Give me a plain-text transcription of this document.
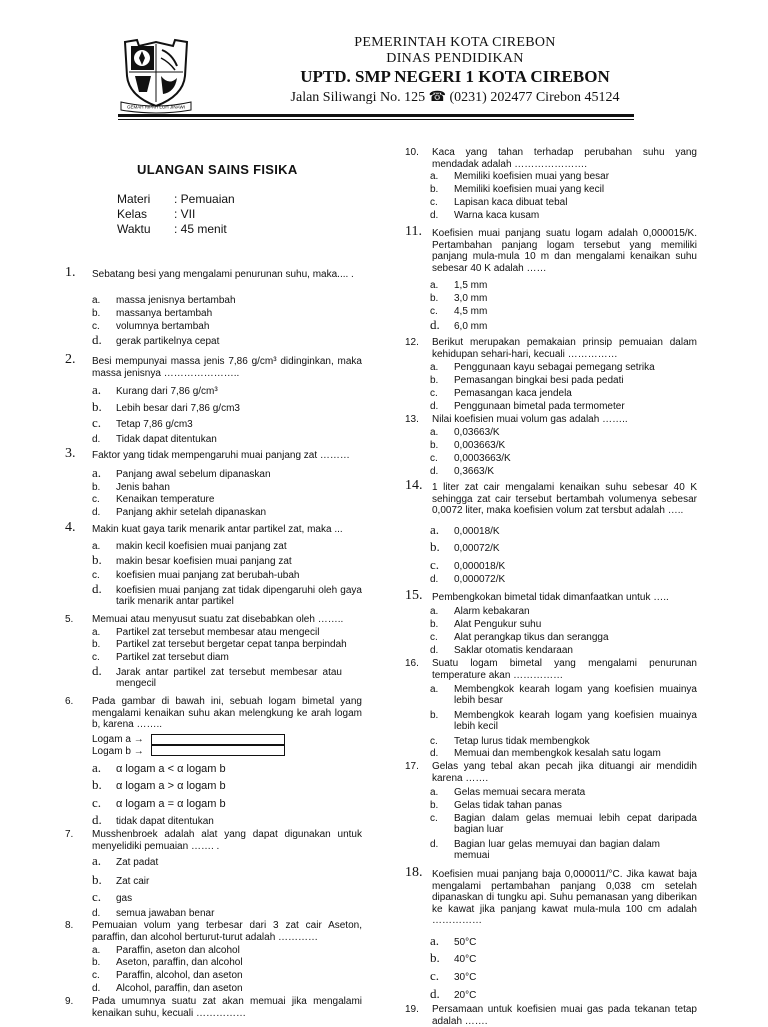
GEMAH RIPAH LOH JINAWI
PEMERINTAH KOTA CIREBON
DINAS PENDIDIKAN
UPTD. SMP NEGERI 1 KOTA CIREBON
Jalan Siliwangi No. 125 ☎ (0231) 202477 Cirebon 45124
ULANGAN SAINS FISIKA
Materi : Pemuaian
Kelas : VII
Waktu : 45 menit
1.	Sebatang besi yang mengalami penurunan suhu, maka.... .
a.	massa jenisnya bertambah
b.	massanya bertambah
c.	volumnya bertambah
d.	gerak partikelnya cepat
2.	Besi mempunyai massa jenis 7,86 g/cm³ didinginkan, maka massa jenisnya …………………..
a.	Kurang dari 7,86 g/cm³
b.	Lebih besar dari 7,86 g/cm3
c.	Tetap 7,86 g/cm3
d.	Tidak dapat ditentukan
3.	Faktor yang tidak mempengaruhi muai panjang zat ………
a.	Panjang awal sebelum dipanaskan
b.	Jenis bahan
c.	Kenaikan temperature
d.	Panjang akhir setelah dipanaskan
4.	Makin kuat gaya tarik menarik antar partikel zat, maka ...
a.	makin kecil koefisien muai panjang zat
b.	makin besar koefisien muai panjang zat
c.	koefisien muai panjang zat berubah-ubah
d.	koefisien muai panjang zat tidak dipengaruhi oleh gaya tarik menarik antar partikel
5.	Memuai atau menyusut suatu zat disebabkan oleh ……..
a.	Partikel zat tersebut membesar atau mengecil
b.	Partikel zat tersebut bergetar cepat tanpa berpindah
c.	Partikel zat tersebut diam
d.	Jarak antar partikel zat tersebut membesar atau mengecil
6.	Pada gambar di bawah ini, sebuah logam bimetal yang mengalami kenaikan suhu akan melengkung ke arah logam b, karena ……..
Logam a →
Logam b →
a.	α logam a < α logam b
b.	α logam a > α logam b
c.	α logam a = α logam b
d.	tidak dapat ditentukan
7.	Musshenbroek adalah alat yang dapat digunakan untuk menyelidiki pemuaian ……. .
a.	Zat padat
b.	Zat cair
c.	gas
d.	semua jawaban benar
8.	Pemuaian volum yang terbesar dari 3 zat cair Aseton, paraffin, dan alcohol berturut-turut adalah …………
a.	Paraffin, aseton dan alcohol
b.	Aseton, paraffin, dan alcohol
c.	Paraffin, alcohol, dan aseton
d.	Alcohol, paraffin, dan aseton
9.	Pada umumnya suatu zat akan memuai jika mengalami kenaikan suhu, kecuali ……………
10.	Kaca yang tahan terhadap perubahan suhu yang mendadak adalah ………………….
a.	Memiliki koefisien muai yang besar
b.	Memiliki koefisien muai yang kecil
c.	Lapisan kaca dibuat tebal
d.	Warna kaca kusam
11.	Koefisien muai panjang suatu logam adalah 0,000015/K. Pertambahan panjang logam tersebut yang memiliki panjang mula-mula 10 m dan mengalami kenaikan suhu sebesar 40 K adalah ……
a.	1,5 mm
b.	3,0 mm
c.	4,5 mm
d.	6,0 mm
12.	Berikut merupakan pemakaian prinsip pemuaian dalam kehidupan sehari-hari, kecuali ……………
a.	Penggunaan kayu sebagai pemegang setrika
b.	Pemasangan bingkai besi pada pedati
c.	Pemasangan kaca jendela
d.	Penggunaan bimetal pada termometer
13.	Nilai koefisien muai volum gas adalah ……..
a.	0,03663/K
b.	0,003663/K
c.	0,0003663/K
d.	0,3663/K
14. 1 liter zat cair mengalami kenaikan suhu sebesar 40 K sehingga zat cair tersebut bertambah volumenya sebesar 0,0072 liter, maka koefisien volum zat tersbut adalah …..
a.	0,00018/K
b.	0,00072/K
c.	0,000018/K
d.	0,000072/K
15. Pembengkokan bimetal tidak dimanfaatkan untuk …..
a.	Alarm kebakaran
b.	Alat Pengukur suhu
c.	Alat perangkap tikus dan serangga
d.	Saklar otomatis kendaraan
16.	Suatu logam bimetal yang mengalami penurunan temperature akan ……………
a.	Membengkok kearah logam yang koefisien muainya lebih besar
b.	Membengkok kearah logam yang koefisien muainya lebih kecil
c.	Tetap lurus tidak membengkok
d.	Memuai dan membengkok kesalah satu logam
17.	Gelas yang tebal akan pecah jika dituangi air mendidih karena …….
a.	Gelas memuai secara merata
b.	Gelas tidak tahan panas
c.	Bagian dalam gelas memuai lebih cepat daripada bagian luar
d.	Bagian luar gelas memuyai dan bagian dalam memuai
18. Koefisien muai panjang baja 0,000011/°C. Jika kawat baja mengalami pertambahan panjang 0,038 cm setelah dipanaskan di tungku api. Suhu pemanasan yang diberikan ke kawat jika panjang kawat mula-mula 100 cm adalah ……………
a.	50°C
b.	40°C
c.	30°C
d.	20°C
19.	Persamaan untuk koefisien muai gas pada tekanan tetap adalah …….
